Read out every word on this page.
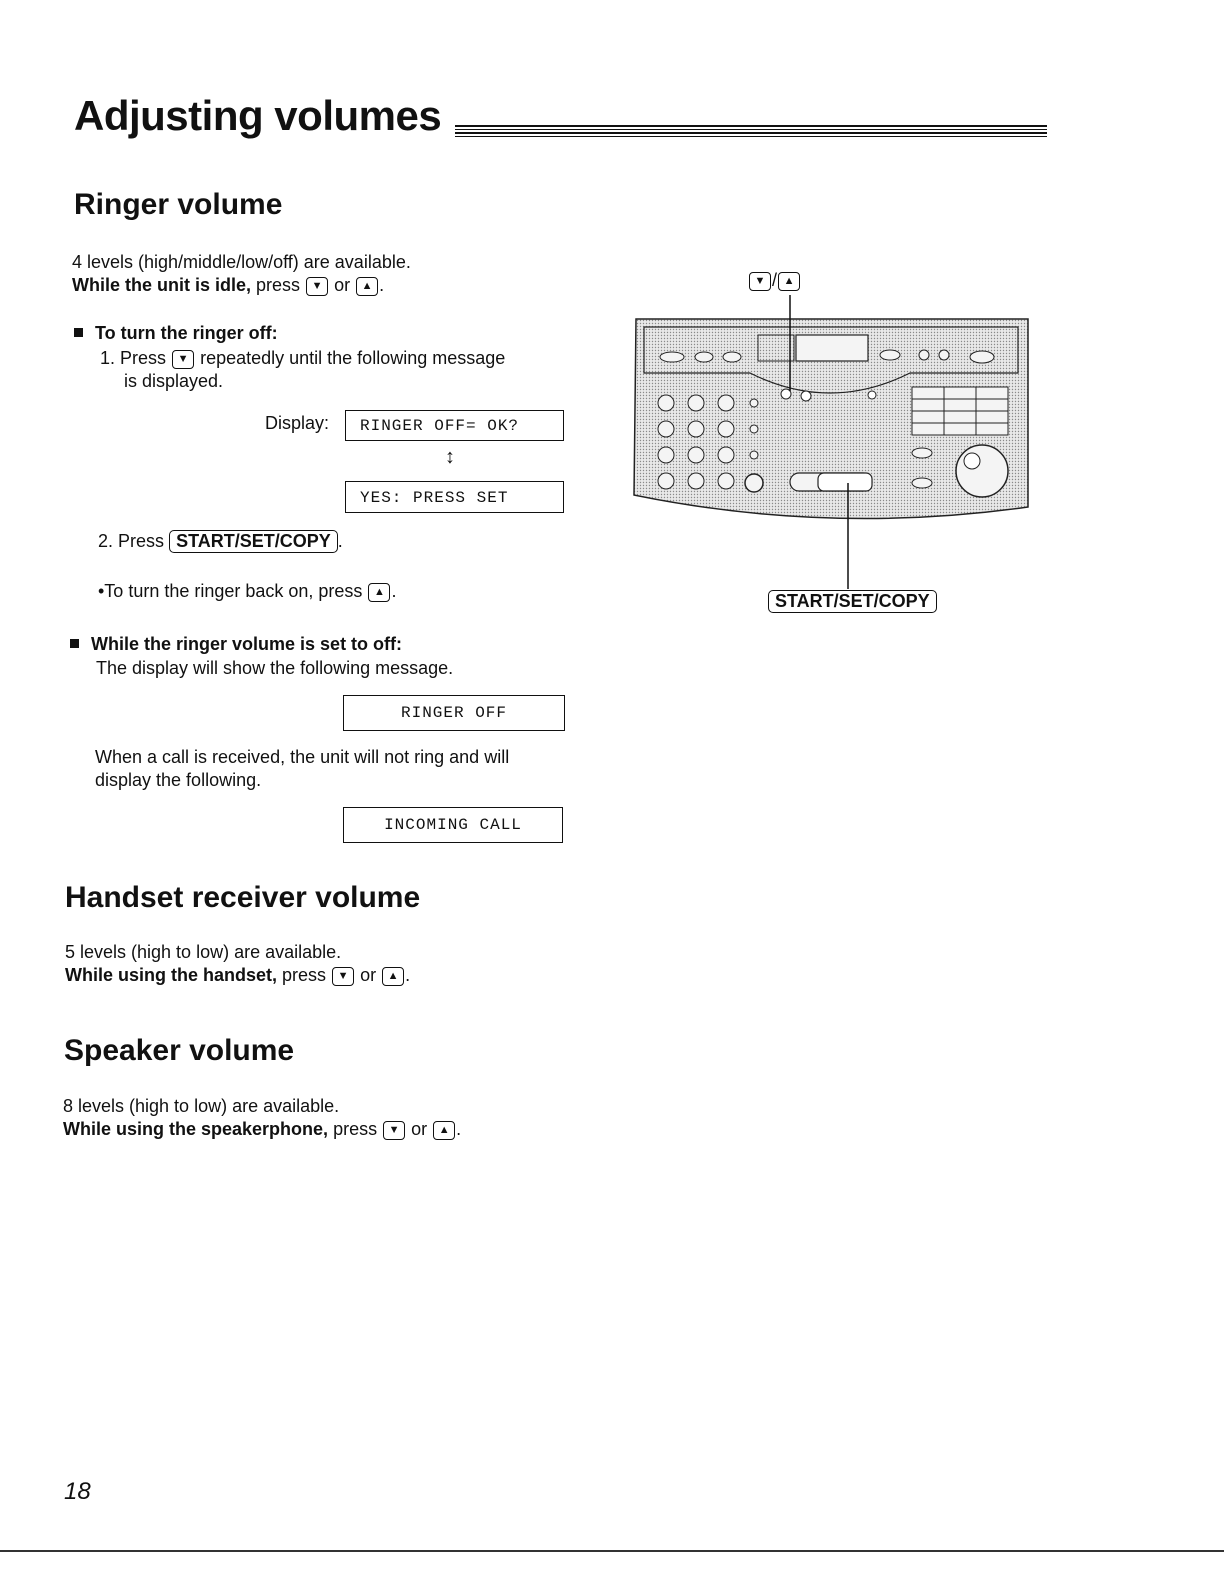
Adjusting volumes
Ringer volume

4 levels (high/middle/low/off) are available.

While the unit is idle, press ▼ or ▲ .

To turn the ringer off:

1. Press ▼ repeatedly until the following message

is displayed.

Display:	RINGER OFF= OK?
↕
YES: PRESS SET

2. Press START/SET/COPY .

•To turn the ringer back on, press ▲ .

While the ringer volume is set to off:

The display will show the following message.

RINGER OFF

When a call is received, the unit will not ring and will

display the following.

INCOMING CALL
Handset receiver volume

5 levels (high to low) are available.

While using the handset, press ▼ or ▲ .

Speaker volume

8 levels (high to low) are available.

While using the speakerphone, press ▼ or ▲ .

▼ / ▲
START/SET/COPY

18
